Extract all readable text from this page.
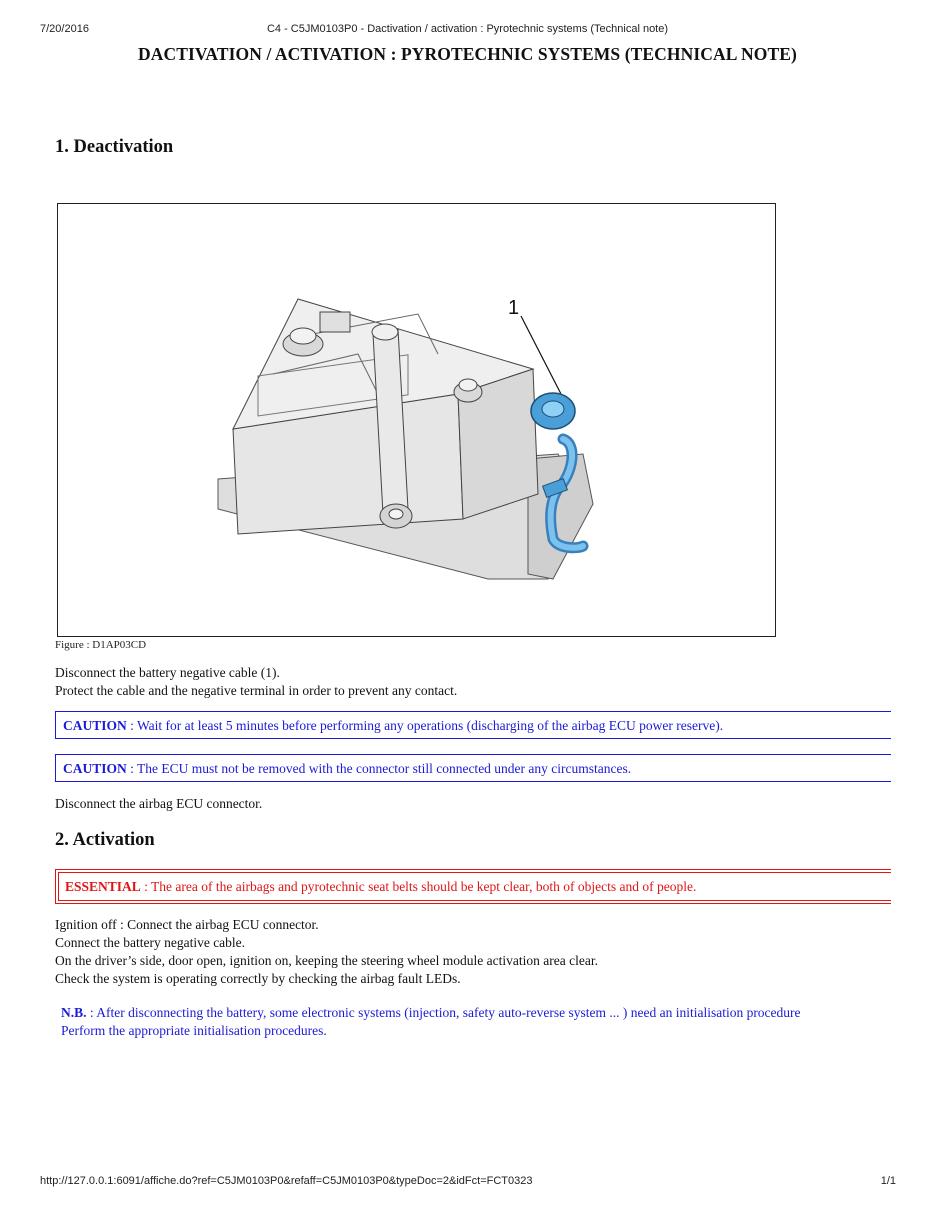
7/20/2016	C4 - C5JM0103P0 - Dactivation / activation : Pyrotechnic systems (Technical note)
DACTIVATION / ACTIVATION : PYROTECHNIC SYSTEMS (TECHNICAL NOTE)
1. Deactivation
1
Figure : D1AP03CD
Disconnect the battery negative cable (1).
Protect the cable and the negative terminal in order to prevent any contact.
CAUTION : Wait for at least 5 minutes before performing any operations (discharging of the airbag ECU power reserve).
CAUTION : The ECU must not be removed with the connector still connected under any circumstances.
Disconnect the airbag ECU connector.
2. Activation
ESSENTIAL : The area of the airbags and pyrotechnic seat belts should be kept clear, both of objects and of people.
Ignition off : Connect the airbag ECU connector.
Connect the battery negative cable.
On the driver’s side, door open, ignition on, keeping the steering wheel module activation area clear.
Check the system is operating correctly by checking the airbag fault LEDs.
N.B. : After disconnecting the battery, some electronic systems (injection, safety auto-reverse system ... ) need an initialisation procedure
Perform the appropriate initialisation procedures.
http://127.0.0.1:6091/affiche.do?ref=C5JM0103P0&refaff=C5JM0103P0&typeDoc=2&idFct=FCT0323	1/1
